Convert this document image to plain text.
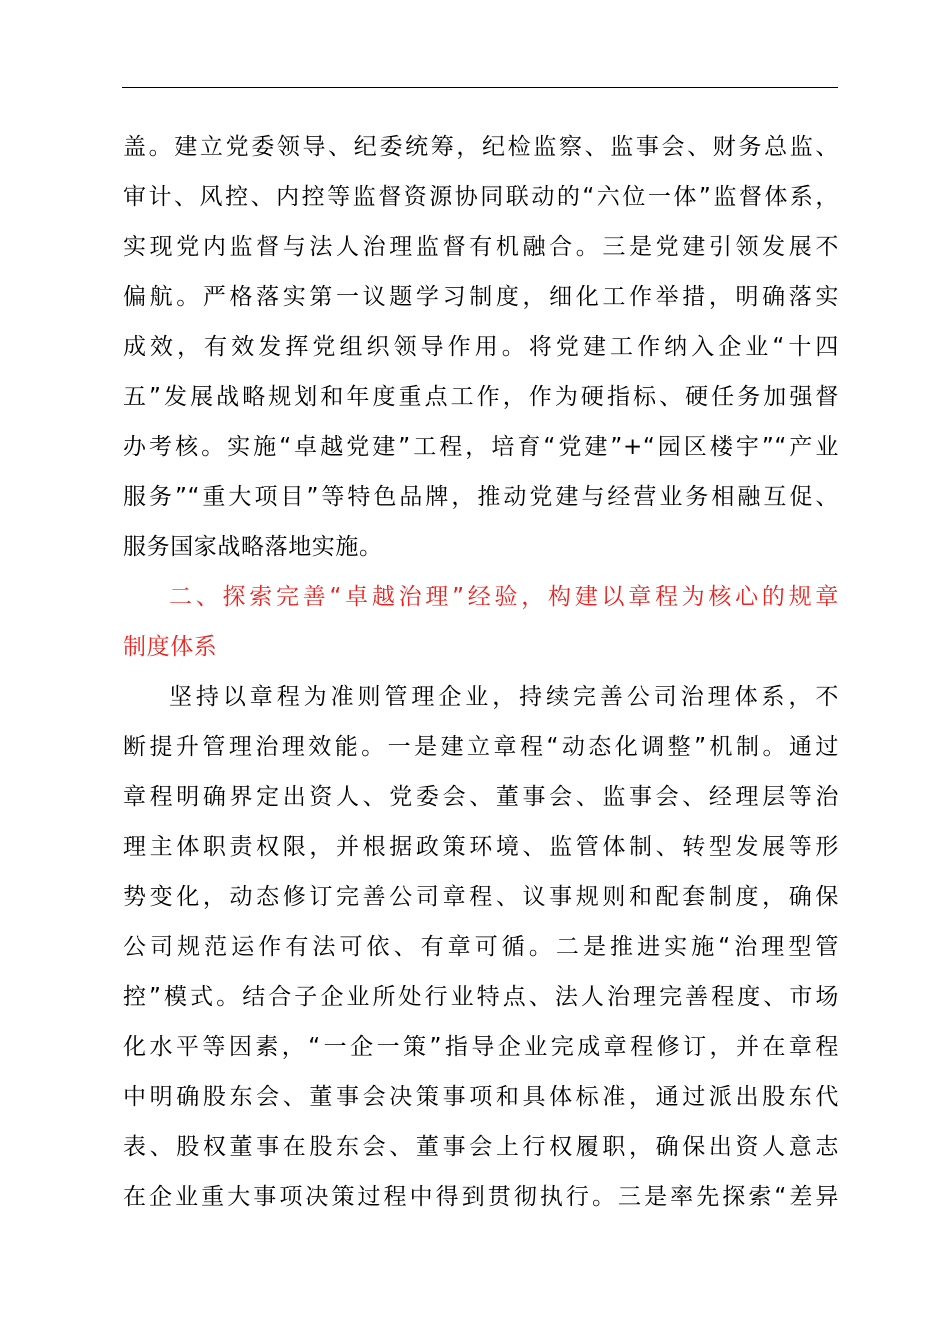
盖。建立党委领导、纪委统筹，纪检监察、监事会、财务总监、
审计、风控、内控等监督资源协同联动的“六位一体”监督体系，
实现党内监督与法人治理监督有机融合。三是党建引领发展不
偏航。严格落实第一议题学习制度，细化工作举措，明确落实
成效，有效发挥党组织领导作用。将党建工作纳入企业“十四
五”发展战略规划和年度重点工作，作为硬指标、硬任务加强督
办考核。实施“卓越党建”工程，培育“党建”+“园区楼宇”“产业
服务”“重大项目”等特色品牌，推动党建与经营业务相融互促、
服务国家战略落地实施。
二、探索完善“卓越治理”经验，构建以章程为核心的规章
制度体系
坚持以章程为准则管理企业，持续完善公司治理体系，不
断提升管理治理效能。一是建立章程“动态化调整”机制。通过
章程明确界定出资人、党委会、董事会、监事会、经理层等治
理主体职责权限，并根据政策环境、监管体制、转型发展等形
势变化，动态修订完善公司章程、议事规则和配套制度，确保
公司规范运作有法可依、有章可循。二是推进实施“治理型管
控”模式。结合子企业所处行业特点、法人治理完善程度、市场
化水平等因素，“一企一策”指导企业完成章程修订，并在章程
中明确股东会、董事会决策事项和具体标准，通过派出股东代
表、股权董事在股东会、董事会上行权履职，确保出资人意志
在企业重大事项决策过程中得到贯彻执行。三是率先探索“差异
